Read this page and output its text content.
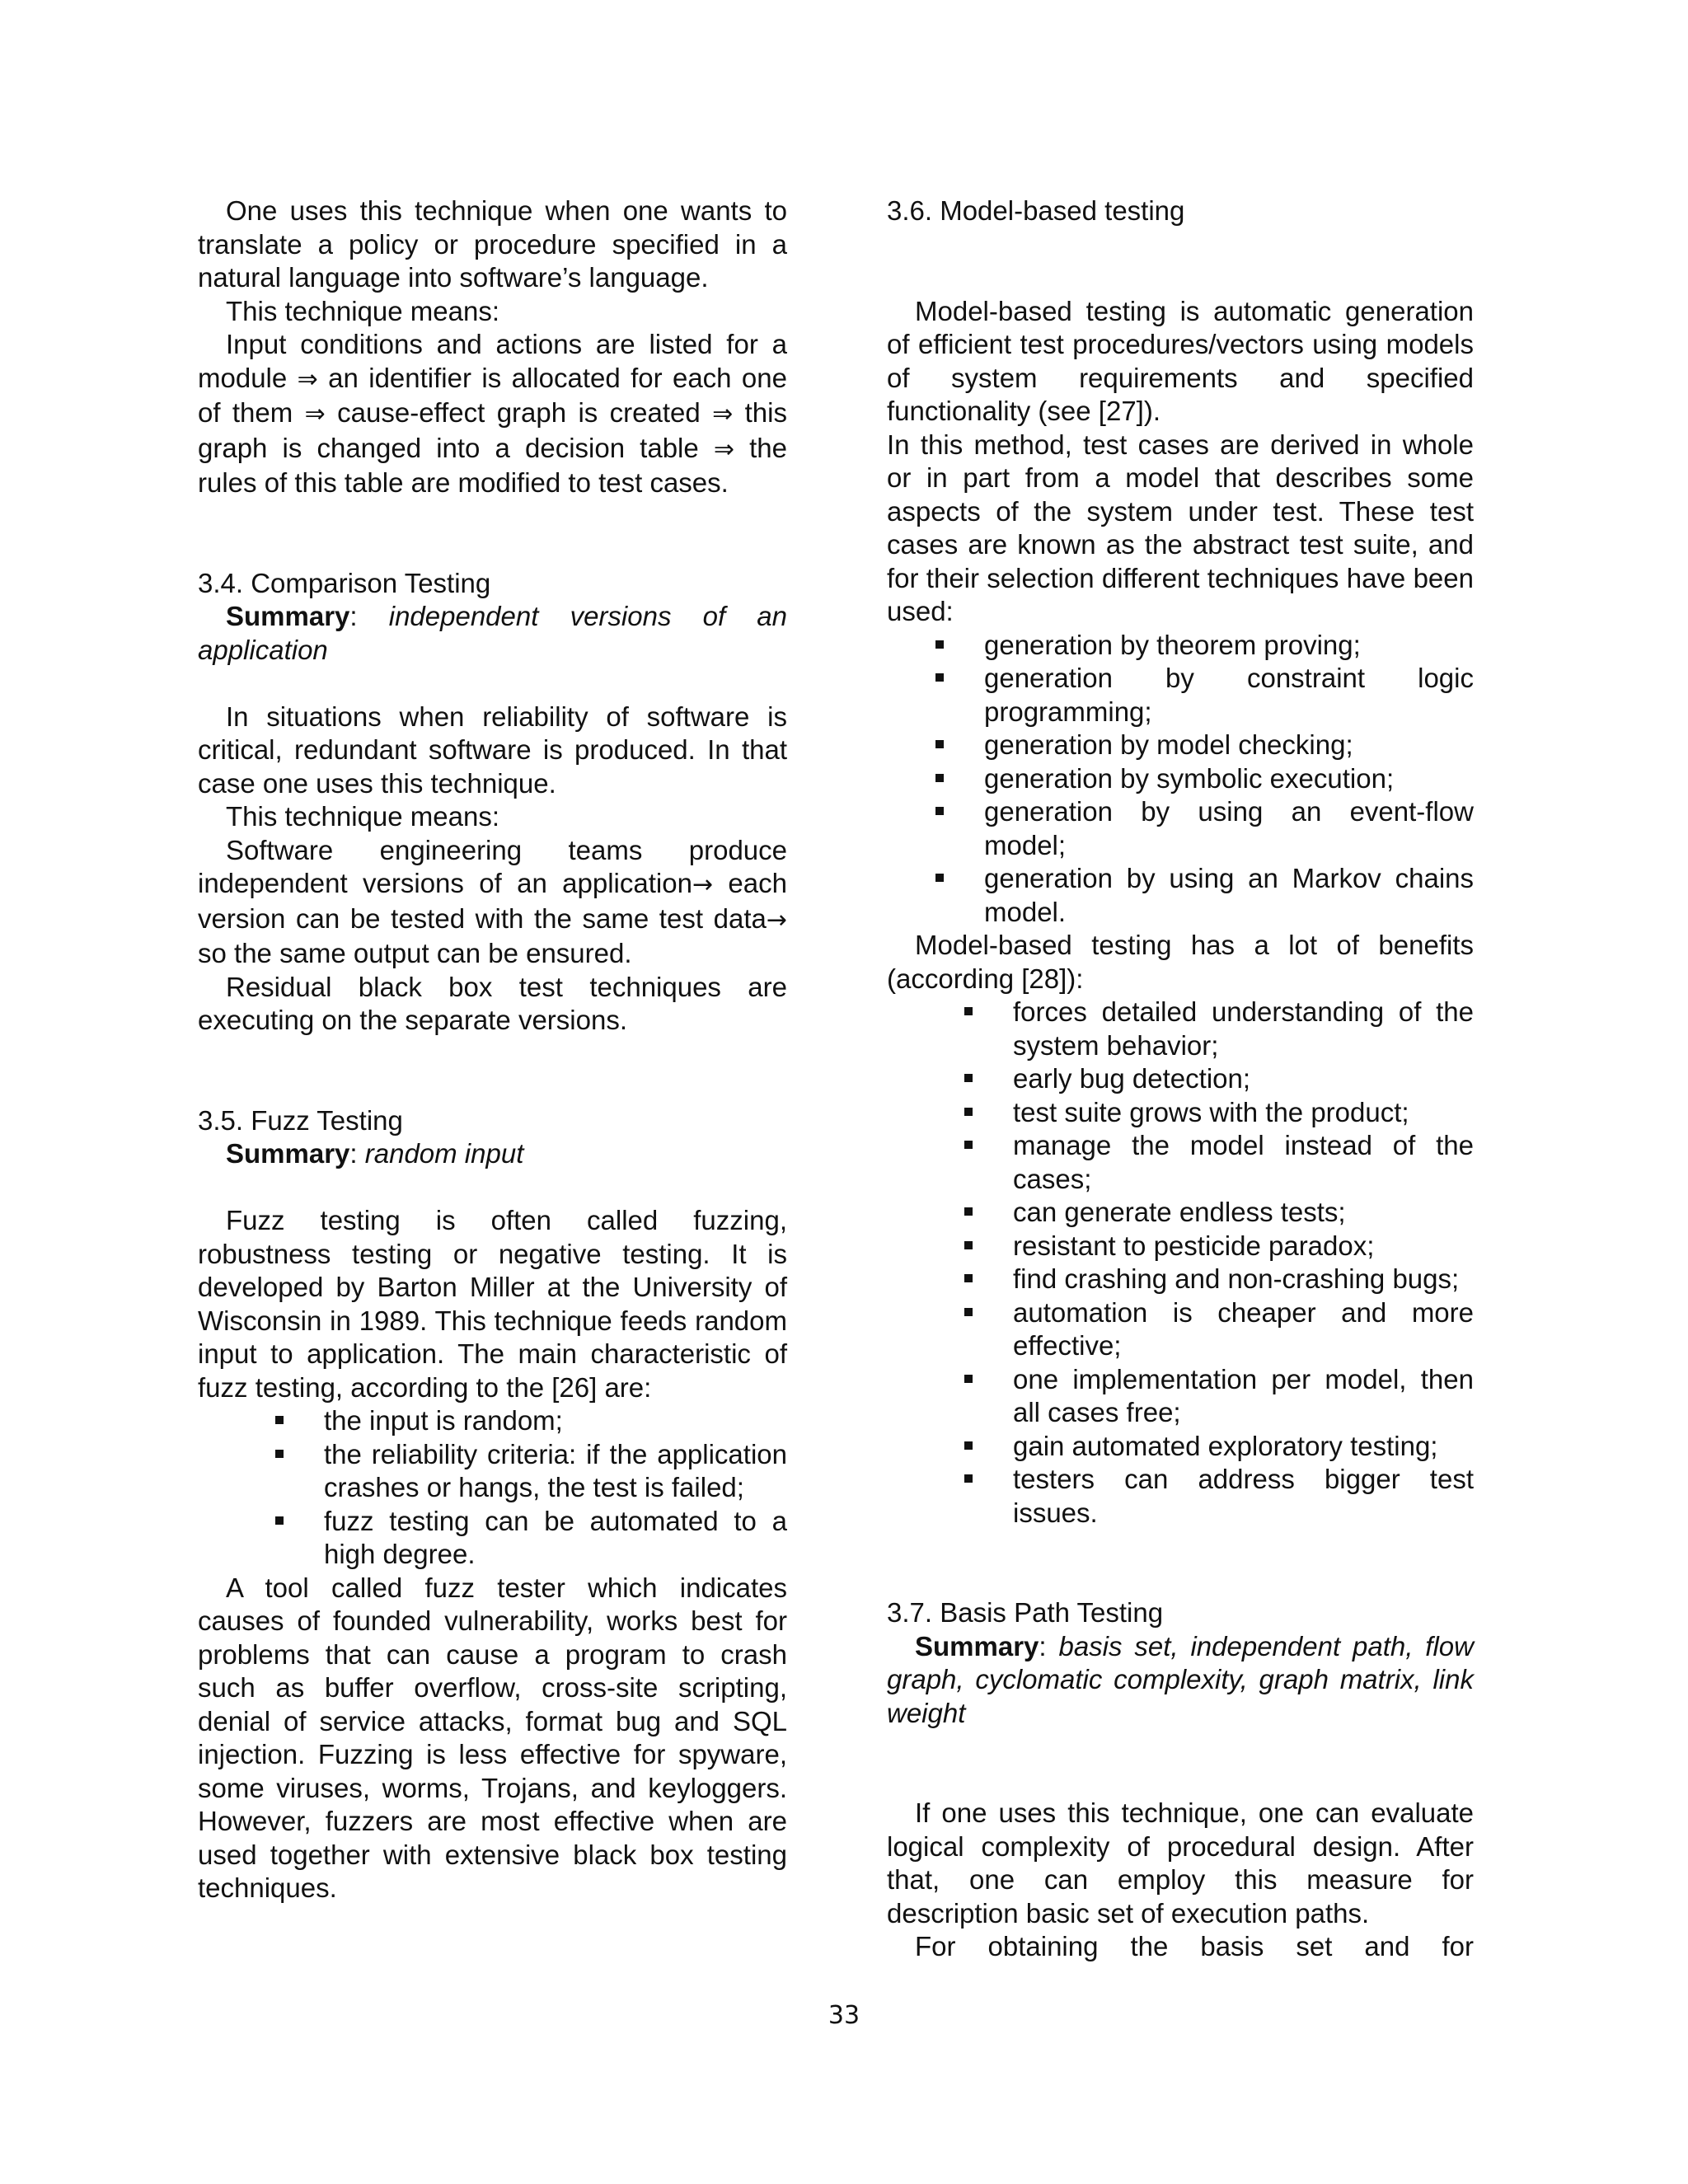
One uses this technique when one wants to translate a policy or procedure specified in a natural language into software’s language.

This technique means:

Input conditions and actions are listed for a module ⇒ an identifier is allocated for each one of them ⇒ cause-effect graph is created ⇒ this graph is changed into a decision table ⇒ the rules of this table are modified to test cases.

3.4. Comparison Testing

Summary: independent versions of an application

In situations when reliability of software is critical, redundant software is produced. In that case one uses this technique.

This technique means:

Software engineering teams produce independent versions of an application→ each version can be tested with the same test data→ so the same output can be ensured.

Residual black box test techniques are executing on the separate versions.

3.5. Fuzz Testing

Summary: random input

Fuzz testing is often called fuzzing, robustness testing or negative testing. It is developed by Barton Miller at the University of Wisconsin in 1989. This technique feeds random input to application. The main characteristic of fuzz testing, according to the [26] are:

the input is random;
the reliability criteria: if the application crashes or hangs, the test is failed;
fuzz testing can be automated to a high degree.

A tool called fuzz tester which indicates causes of founded vulnerability, works best for problems that can cause a program to crash such as buffer overflow, cross-site scripting, denial of service attacks, format bug and SQL injection. Fuzzing is less effective for spyware, some viruses, worms, Trojans, and keyloggers. However, fuzzers are most effective when are used together with extensive black box testing techniques.

3.6. Model-based testing

Model-based testing is automatic generation of efficient test procedures/vectors using models of system requirements and specified functionality (see [27]).

In this method, test cases are derived in whole or in part from a model that describes some aspects of the system under test. These test cases are known as the abstract test suite, and for their selection different techniques have been used:

generation by theorem proving;
generation by constraint logic programming;
generation by model checking;
generation by symbolic execution;
generation by using an event-flow model;
generation by using an Markov chains model.

Model-based testing has a lot of benefits (according [28]):

forces detailed understanding of the system behavior;
early bug detection;
test suite grows with the product;
manage the model instead of the cases;
can generate endless tests;
resistant to pesticide paradox;
find crashing and non-crashing bugs;
automation is cheaper and more effective;
one implementation per model, then all cases free;
gain automated exploratory testing;
testers can address bigger test issues.

3.7. Basis Path Testing

Summary: basis set, independent path, flow graph, cyclomatic complexity, graph matrix, link weight

If one uses this technique, one can evaluate logical complexity of procedural design. After that, one can employ this measure for description basic set of execution paths.

For obtaining the basis set and for

33
